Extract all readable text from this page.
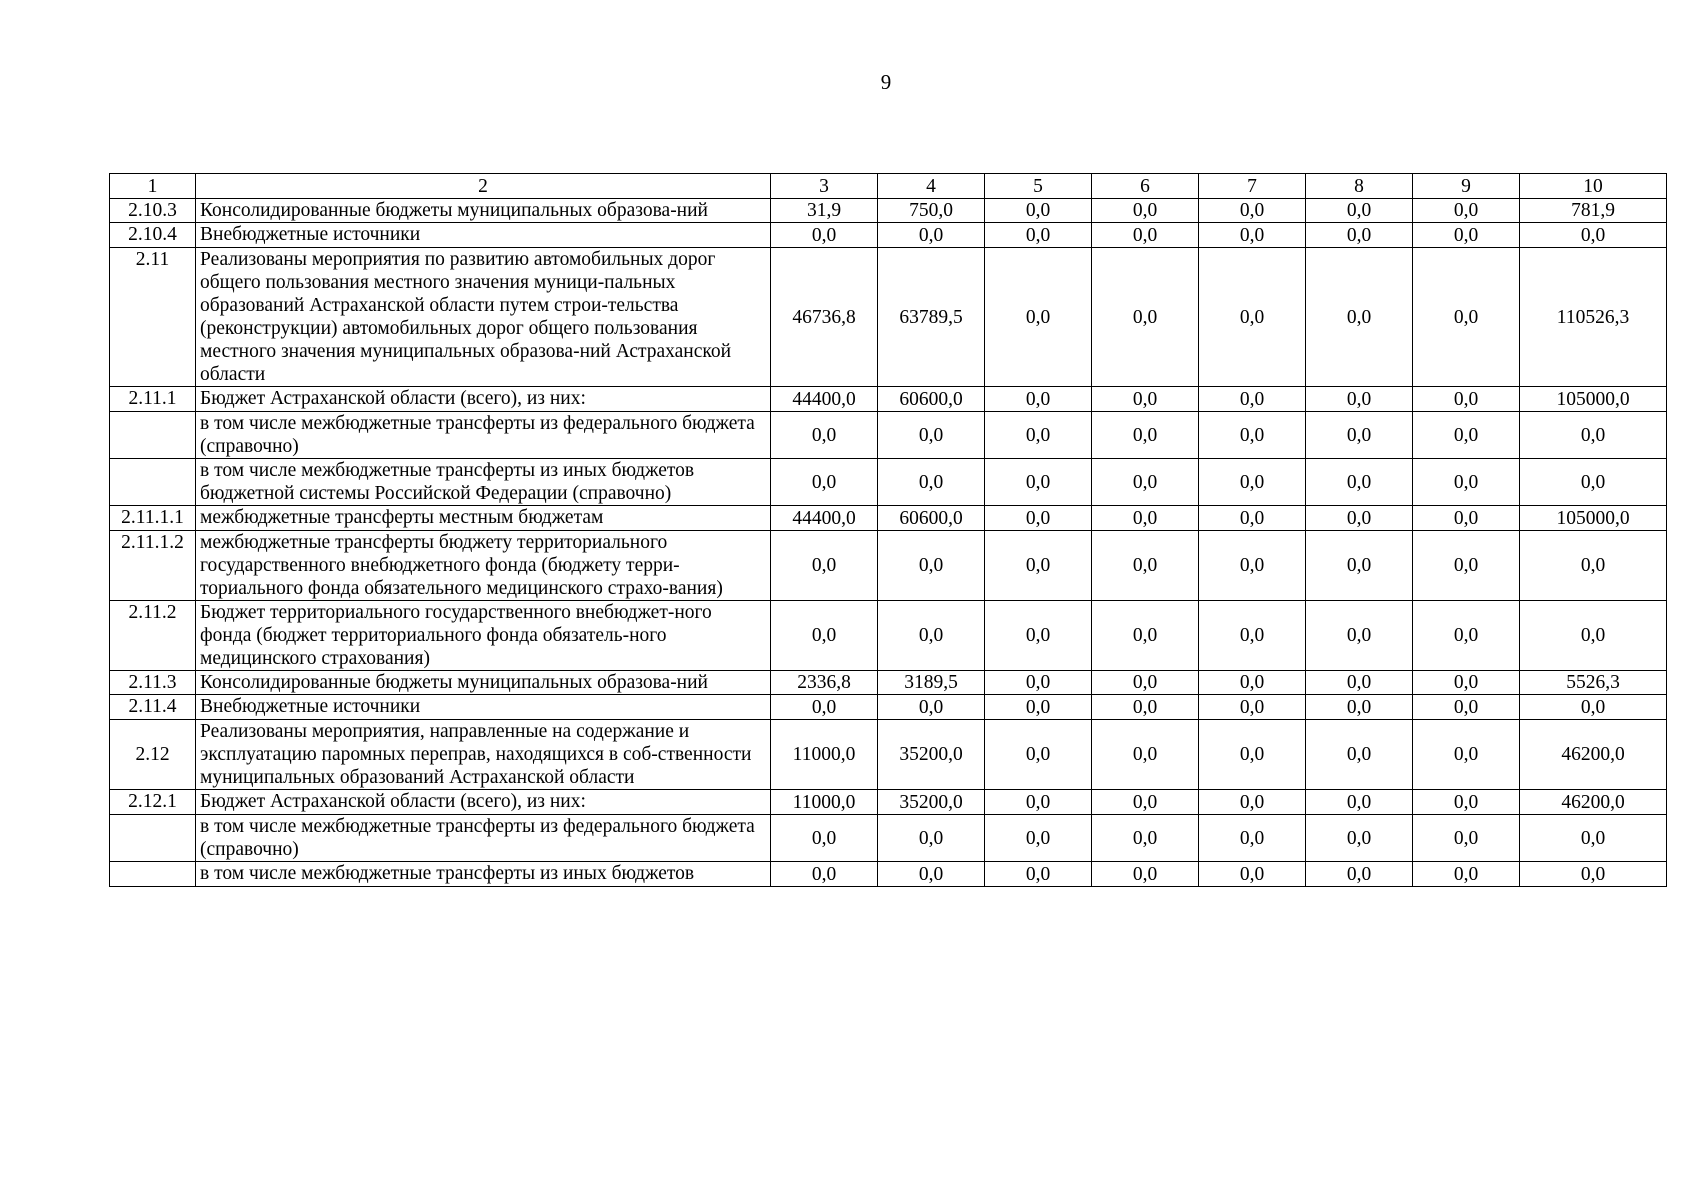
9
1	2	3	4	5	6	7	8	9	10
2.10.3	Консолидированные бюджеты муниципальных образова-ний	31,9	750,0	0,0	0,0	0,0	0,0	0,0	781,9
2.10.4	Внебюджетные источники	0,0	0,0	0,0	0,0	0,0	0,0	0,0	0,0
2.11	Реализованы мероприятия по развитию автомобильных дорог общего пользования местного значения муници-пальных образований Астраханской области путем строи-тельства (реконструкции) автомобильных дорог общего пользования местного значения муниципальных образова-ний Астраханской области	46736,8	63789,5	0,0	0,0	0,0	0,0	0,0	110526,3
2.11.1	Бюджет Астраханской области (всего), из них:	44400,0	60600,0	0,0	0,0	0,0	0,0	0,0	105000,0
	в том числе межбюджетные трансферты из федерального бюджета (справочно)	0,0	0,0	0,0	0,0	0,0	0,0	0,0	0,0
	в том числе межбюджетные трансферты из иных бюджетов бюджетной системы Российской Федерации (справочно)	0,0	0,0	0,0	0,0	0,0	0,0	0,0	0,0
2.11.1.1	межбюджетные трансферты местным бюджетам	44400,0	60600,0	0,0	0,0	0,0	0,0	0,0	105000,0
2.11.1.2	межбюджетные трансферты бюджету территориального государственного внебюджетного фонда (бюджету терри-ториального фонда обязательного медицинского страхо-вания)	0,0	0,0	0,0	0,0	0,0	0,0	0,0	0,0
2.11.2	Бюджет территориального государственного внебюджет-ного фонда (бюджет территориального фонда обязатель-ного медицинского страхования)	0,0	0,0	0,0	0,0	0,0	0,0	0,0	0,0
2.11.3	Консолидированные бюджеты муниципальных образова-ний	2336,8	3189,5	0,0	0,0	0,0	0,0	0,0	5526,3
2.11.4	Внебюджетные источники	0,0	0,0	0,0	0,0	0,0	0,0	0,0	0,0
2.12	Реализованы мероприятия, направленные на содержание и эксплуатацию паромных переправ, находящихся в соб-ственности муниципальных образований Астраханской области	11000,0	35200,0	0,0	0,0	0,0	0,0	0,0	46200,0
2.12.1	Бюджет Астраханской области (всего), из них:	11000,0	35200,0	0,0	0,0	0,0	0,0	0,0	46200,0
	в том числе межбюджетные трансферты из федерального бюджета (справочно)	0,0	0,0	0,0	0,0	0,0	0,0	0,0	0,0
	в том числе межбюджетные трансферты из иных бюджетов	0,0	0,0	0,0	0,0	0,0	0,0	0,0	0,0
